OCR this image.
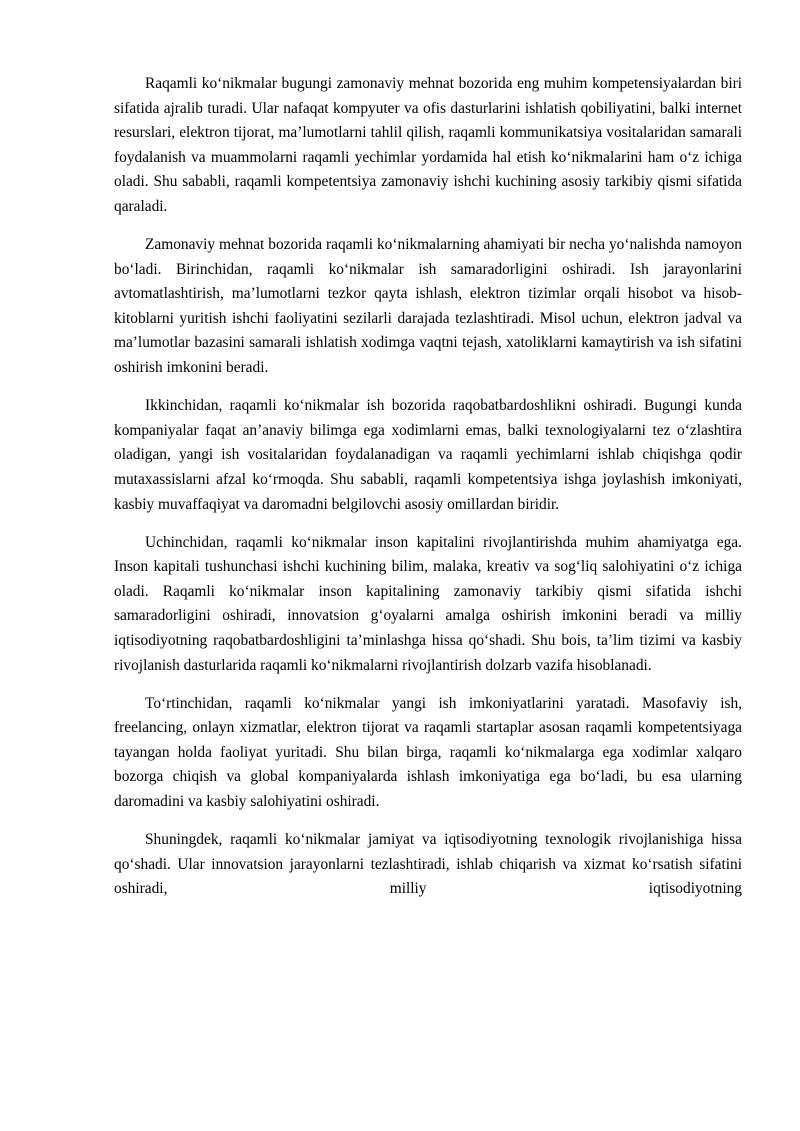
Raqamli ko‘nikmalar bugungi zamonaviy mehnat bozorida eng muhim kompetensiyalardan biri sifatida ajralib turadi. Ular nafaqat kompyuter va ofis dasturlarini ishlatish qobiliyatini, balki internet resurslari, elektron tijorat, ma’lumotlarni tahlil qilish, raqamli kommunikatsiya vositalaridan samarali foydalanish va muammolarni raqamli yechimlar yordamida hal etish ko‘nikmalarini ham o‘z ichiga oladi. Shu sababli, raqamli kompetentsiya zamonaviy ishchi kuchining asosiy tarkibiy qismi sifatida qaraladi.

Zamonaviy mehnat bozorida raqamli ko‘nikmalarning ahamiyati bir necha yo‘nalishda namoyon bo‘ladi. Birinchidan, raqamli ko‘nikmalar ish samaradorligini oshiradi. Ish jarayonlarini avtomatlashtirish, ma’lumotlarni tezkor qayta ishlash, elektron tizimlar orqali hisobot va hisob-kitoblarni yuritish ishchi faoliyatini sezilarli darajada tezlashtiradi. Misol uchun, elektron jadval va ma’lumotlar bazasini samarali ishlatish xodimga vaqtni tejash, xatoliklarni kamaytirish va ish sifatini oshirish imkonini beradi.

Ikkinchidan, raqamli ko‘nikmalar ish bozorida raqobatbardoshlikni oshiradi. Bugungi kunda kompaniyalar faqat an’anaviy bilimga ega xodimlarni emas, balki texnologiyalarni tez o‘zlashtira oladigan, yangi ish vositalaridan foydalanadigan va raqamli yechimlarni ishlab chiqishga qodir mutaxassislarni afzal ko‘rmoqda. Shu sababli, raqamli kompetentsiya ishga joylashish imkoniyati, kasbiy muvaffaqiyat va daromadni belgilovchi asosiy omillardan biridir.

Uchinchidan, raqamli ko‘nikmalar inson kapitalini rivojlantirishda muhim ahamiyatga ega. Inson kapitali tushunchasi ishchi kuchining bilim, malaka, kreativ va sog‘liq salohiyatini o‘z ichiga oladi. Raqamli ko‘nikmalar inson kapitalining zamonaviy tarkibiy qismi sifatida ishchi samaradorligini oshiradi, innovatsion g‘oyalarni amalga oshirish imkonini beradi va milliy iqtisodiyotning raqobatbardoshligini ta’minlashga hissa qo‘shadi. Shu bois, ta’lim tizimi va kasbiy rivojlanish dasturlarida raqamli ko‘nikmalarni rivojlantirish dolzarb vazifa hisoblanadi.

To‘rtinchidan, raqamli ko‘nikmalar yangi ish imkoniyatlarini yaratadi. Masofaviy ish, freelancing, onlayn xizmatlar, elektron tijorat va raqamli startaplar asosan raqamli kompetentsiyaga tayangan holda faoliyat yuritadi. Shu bilan birga, raqamli ko‘nikmalarga ega xodimlar xalqaro bozorga chiqish va global kompaniyalarda ishlash imkoniyatiga ega bo‘ladi, bu esa ularning daromadini va kasbiy salohiyatini oshiradi.

Shuningdek, raqamli ko‘nikmalar jamiyat va iqtisodiyotning texnologik rivojlanishiga hissa qo‘shadi. Ular innovatsion jarayonlarni tezlashtiradi, ishlab chiqarish va xizmat ko‘rsatish sifatini oshiradi, milliy iqtisodiyotning
